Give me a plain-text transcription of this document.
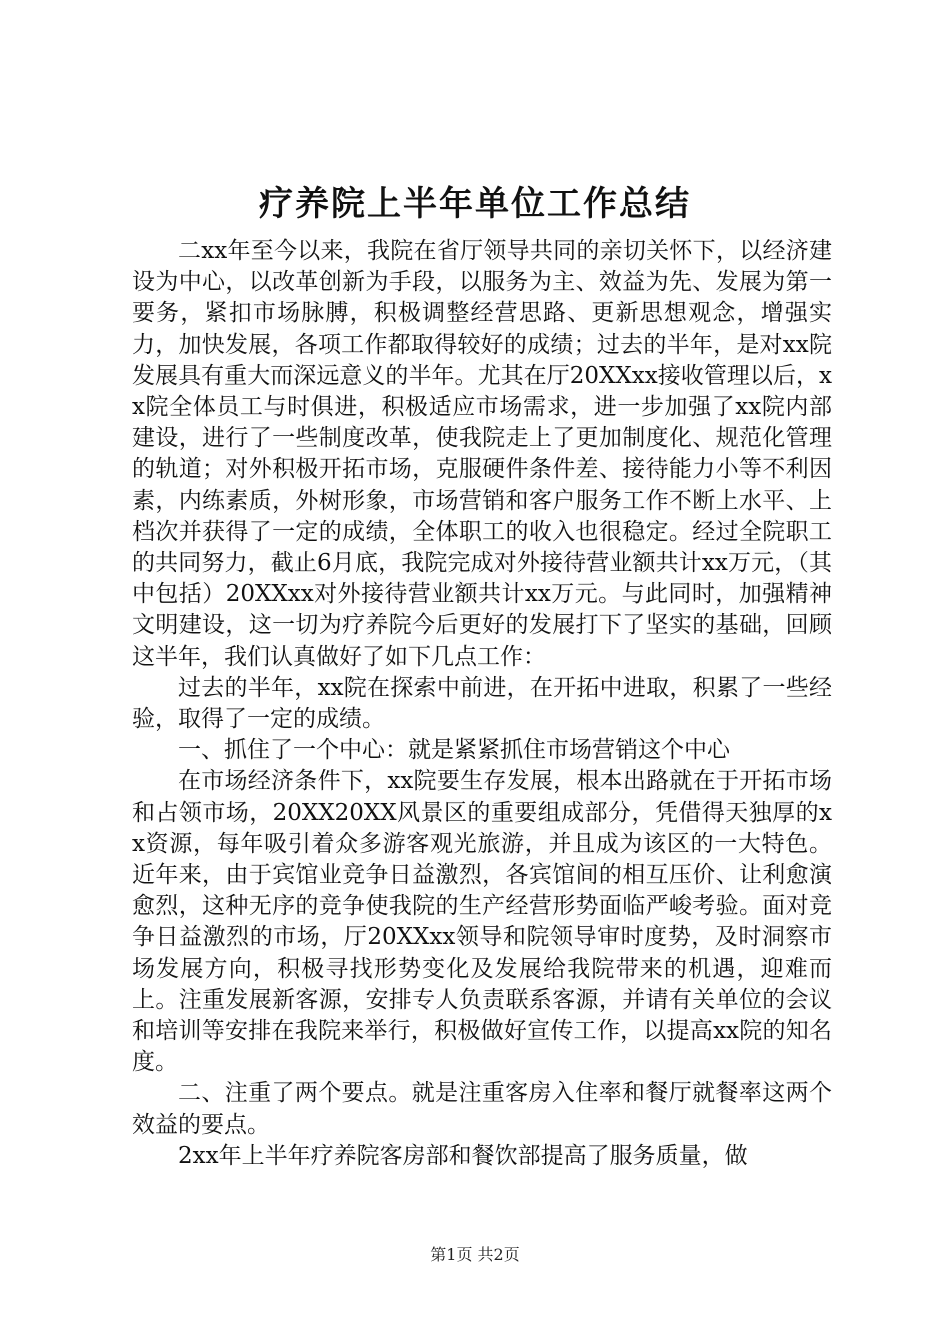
疗养院上半年单位工作总结

二xx年至今以来，我院在省厅领导共同的亲切关怀下，以经济建设为中心，以改革创新为手段，以服务为主、效益为先、发展为第一要务，紧扣市场脉膊，积极调整经营思路、更新思想观念，增强实力，加快发展，各项工作都取得较好的成绩；过去的半年，是对xx院发展具有重大而深远意义的半年。尤其在厅20XXxx接收管理以后，xx院全体员工与时俱进，积极适应市场需求，进一步加强了xx院内部建设，进行了一些制度改革，使我院走上了更加制度化、规范化管理的轨道；对外积极开拓市场，克服硬件条件差、接待能力小等不利因素，内练素质，外树形象，市场营销和客户服务工作不断上水平、上档次并获得了一定的成绩，全体职工的收入也很稳定。经过全院职工的共同努力，截止6月底，我院完成对外接待营业额共计xx万元，（其中包括）20XXxx对外接待营业额共计xx万元。与此同时，加强精神文明建设，这一切为疗养院今后更好的发展打下了坚实的基础，回顾这半年，我们认真做好了如下几点工作：

过去的半年，xx院在探索中前进，在开拓中进取，积累了一些经验，取得了一定的成绩。

一、抓住了一个中心：就是紧紧抓住市场营销这个中心

在市场经济条件下，xx院要生存发展，根本出路就在于开拓市场和占领市场，20XX20XX风景区的重要组成部分，凭借得天独厚的xx资源，每年吸引着众多游客观光旅游，并且成为该区的一大特色。近年来，由于宾馆业竞争日益激烈，各宾馆间的相互压价、让利愈演愈烈，这种无序的竞争使我院的生产经营形势面临严峻考验。面对竞争日益激烈的市场，厅20XXxx领导和院领导审时度势，及时洞察市场发展方向，积极寻找形势变化及发展给我院带来的机遇，迎难而上。注重发展新客源，安排专人负责联系客源，并请有关单位的会议和培训等安排在我院来举行，积极做好宣传工作，以提高xx院的知名度。

二、注重了两个要点。就是注重客房入住率和餐厅就餐率这两个效益的要点。

2xx年上半年疗养院客房部和餐饮部提高了服务质量，做

第1页 共2页
